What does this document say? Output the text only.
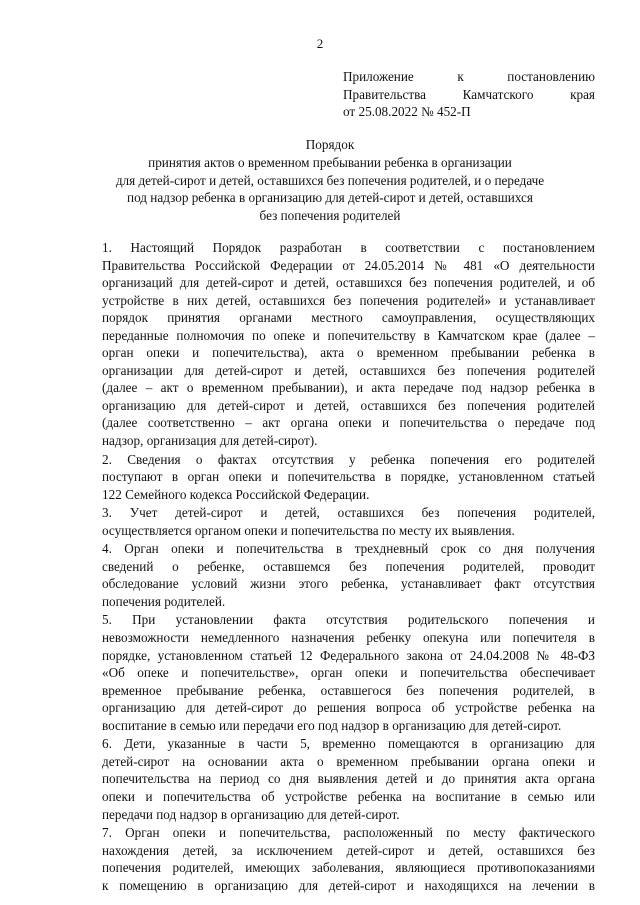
2
Приложение к постановлению
Правительства Камчатского края
от 25.08.2022 № 452-П
Порядок
принятия актов о временном пребывании ребенка в организации
для детей-сирот и детей, оставшихся без попечения родителей, и о передаче
под надзор ребенка в организацию для детей-сирот и детей, оставшихся
без попечения родителей
1. Настоящий Порядок разработан в соответствии с постановлением
Правительства Российской Федерации от 24.05.2014 № 481 «О деятельности
организаций для детей-сирот и детей, оставшихся без попечения родителей, и об
устройстве в них детей, оставшихся без попечения родителей» и устанавливает
порядок принятия органами местного самоуправления, осуществляющих
переданные полномочия по опеке и попечительству в Камчатском крае (далее –
орган опеки и попечительства), акта о временном пребывании ребенка в
организации для детей-сирот и детей, оставшихся без попечения родителей
(далее – акт о временном пребывании), и акта передаче под надзор ребенка в
организацию для детей-сирот и детей, оставшихся без попечения родителей
(далее соответственно – акт органа опеки и попечительства о передаче под
надзор, организация для детей-сирот).
2. Сведения о фактах отсутствия у ребенка попечения его родителей
поступают в орган опеки и попечительства в порядке, установленном статьей
122 Семейного кодекса Российской Федерации.
3. Учет детей-сирот и детей, оставшихся без попечения родителей,
осуществляется органом опеки и попечительства по месту их выявления.
4. Орган опеки и попечительства в трехдневный срок со дня получения
сведений о ребенке, оставшемся без попечения родителей, проводит
обследование условий жизни этого ребенка, устанавливает факт отсутствия
попечения родителей.
5. При установлении факта отсутствия родительского попечения и
невозможности немедленного назначения ребенку опекуна или попечителя в
порядке, установленном статьей 12 Федерального закона от 24.04.2008 № 48-ФЗ
«Об опеке и попечительстве», орган опеки и попечительства обеспечивает
временное пребывание ребенка, оставшегося без попечения родителей, в
организацию для детей-сирот до решения вопроса об устройстве ребенка на
воспитание в семью или передачи его под надзор в организацию для детей-сирот.
6. Дети, указанные в части 5, временно помещаются в организацию для
детей-сирот на основании акта о временном пребывании органа опеки и
попечительства на период со дня выявления детей и до принятия акта органа
опеки и попечительства об устройстве ребенка на воспитание в семью или
передачи под надзор в организацию для детей-сирот.
7. Орган опеки и попечительства, расположенный по месту фактического
нахождения детей, за исключением детей-сирот и детей, оставшихся без
попечения родителей, имеющих заболевания, являющиеся противопоказаниями
к помещению в организацию для детей-сирот и находящихся на лечении в
